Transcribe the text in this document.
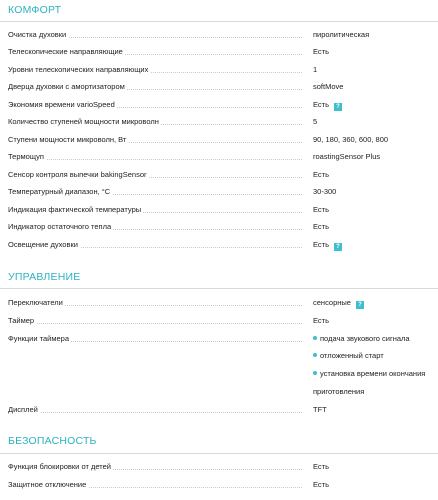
КОМФОРТ
Очистка духовки	пиролитическая
Телескопические направляющие	Есть
Уровни телескопических направляющих	1
Дверца духовки с амортизатором	softMove
Экономия времени varioSpeed	Есть ?
Количество ступеней мощности микроволн	5
Ступени мощности микроволн, Вт	90, 180, 360, 600, 800
Термощуп	roastingSensor Plus
Сенсор контроля выпечки bakingSensor	Есть
Температурный диапазон, °С	30-300
Индикация фактической температуры	Есть
Индикатор остаточного тепла	Есть
Освещение духовки	Есть ?
УПРАВЛЕНИЕ
Переключатели	сенсорные ?
Таймер	Есть
Функции таймера	подача звукового сигнала
отложенный старт
установка времени окончания
приготовления
Дисплей	TFT
БЕЗОПАСНОСТЬ
Функция блокировки от детей	Есть
Защитное отключение	Есть
